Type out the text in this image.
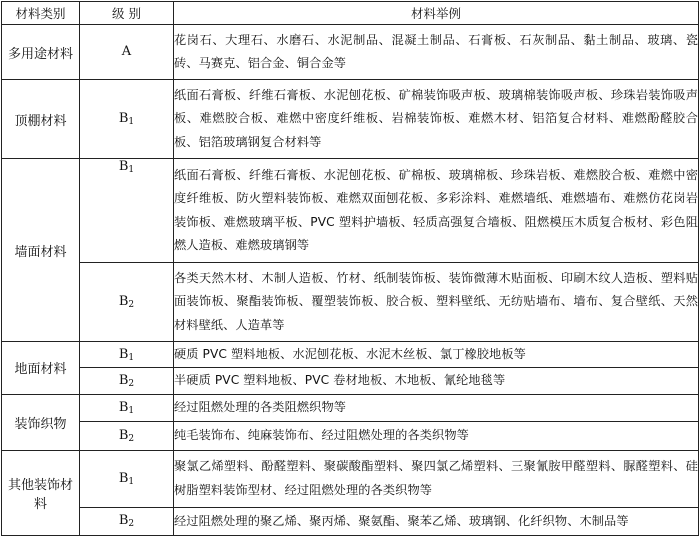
材料类别	级 别	材料举例
多用途材料	A	花岗石、大理石、水磨石、水泥制品、混凝土制品、石膏板、石灰制品、黏土制品、玻璃、瓷砖、马赛克、铝合金、铜合金等
顶棚材料	$B_1$	纸面石膏板、纤维石膏板、水泥刨花板、矿棉装饰吸声板、玻璃棉装饰吸声板、珍珠岩装饰吸声板、难燃胶合板、难燃中密度纤维板、岩棉装饰板、难燃木材、铝箔复合材料、难燃酚醛胶合板、铝箔玻璃钢复合材料等
墙面材料	$B_1$	纸面石膏板、纤维石膏板、水泥刨花板、矿棉板、玻璃棉板、珍珠岩板、难燃胶合板、难燃中密度纤维板、防火塑料装饰板、难燃双面刨花板、多彩涂料、难燃墙纸、难燃墙布、难燃仿花岗岩装饰板、难燃玻璃平板、PVC 塑料护墙板、轻质高强复合墙板、阻燃模压木质复合板材、彩色阻燃人造板、难燃玻璃钢等
	$B_2$	各类天然木材、木制人造板、竹材、纸制装饰板、装饰微薄木贴面板、印刷木纹人造板、塑料贴面装饰板、聚酯装饰板、覆塑装饰板、胶合板、塑料壁纸、无纺贴墙布、墙布、复合壁纸、天然材料壁纸、人造革等
地面材料	$B_1$	硬质 PVC 塑料地板、水泥刨花板、水泥木丝板、氯丁橡胶地板等
	$B_2$	半硬质 PVC 塑料地板、PVC 卷材地板、木地板、氰纶地毯等
装饰织物	$B_1$	经过阻燃处理的各类阻燃织物等
	$B_2$	纯毛装饰布、纯麻装饰布、经过阻燃处理的各类织物等
其他装饰材料	$B_1$	聚氯乙烯塑料、酚醛塑料、聚碳酸酯塑料、聚四氯乙烯塑料、三聚氰胺甲醛塑料、脲醛塑料、硅树脂塑料装饰型材、经过阻燃处理的各类织物等
	$B_2$	经过阻燃处理的聚乙烯、聚丙烯、聚氨酯、聚苯乙烯、玻璃钢、化纤织物、木制品等
